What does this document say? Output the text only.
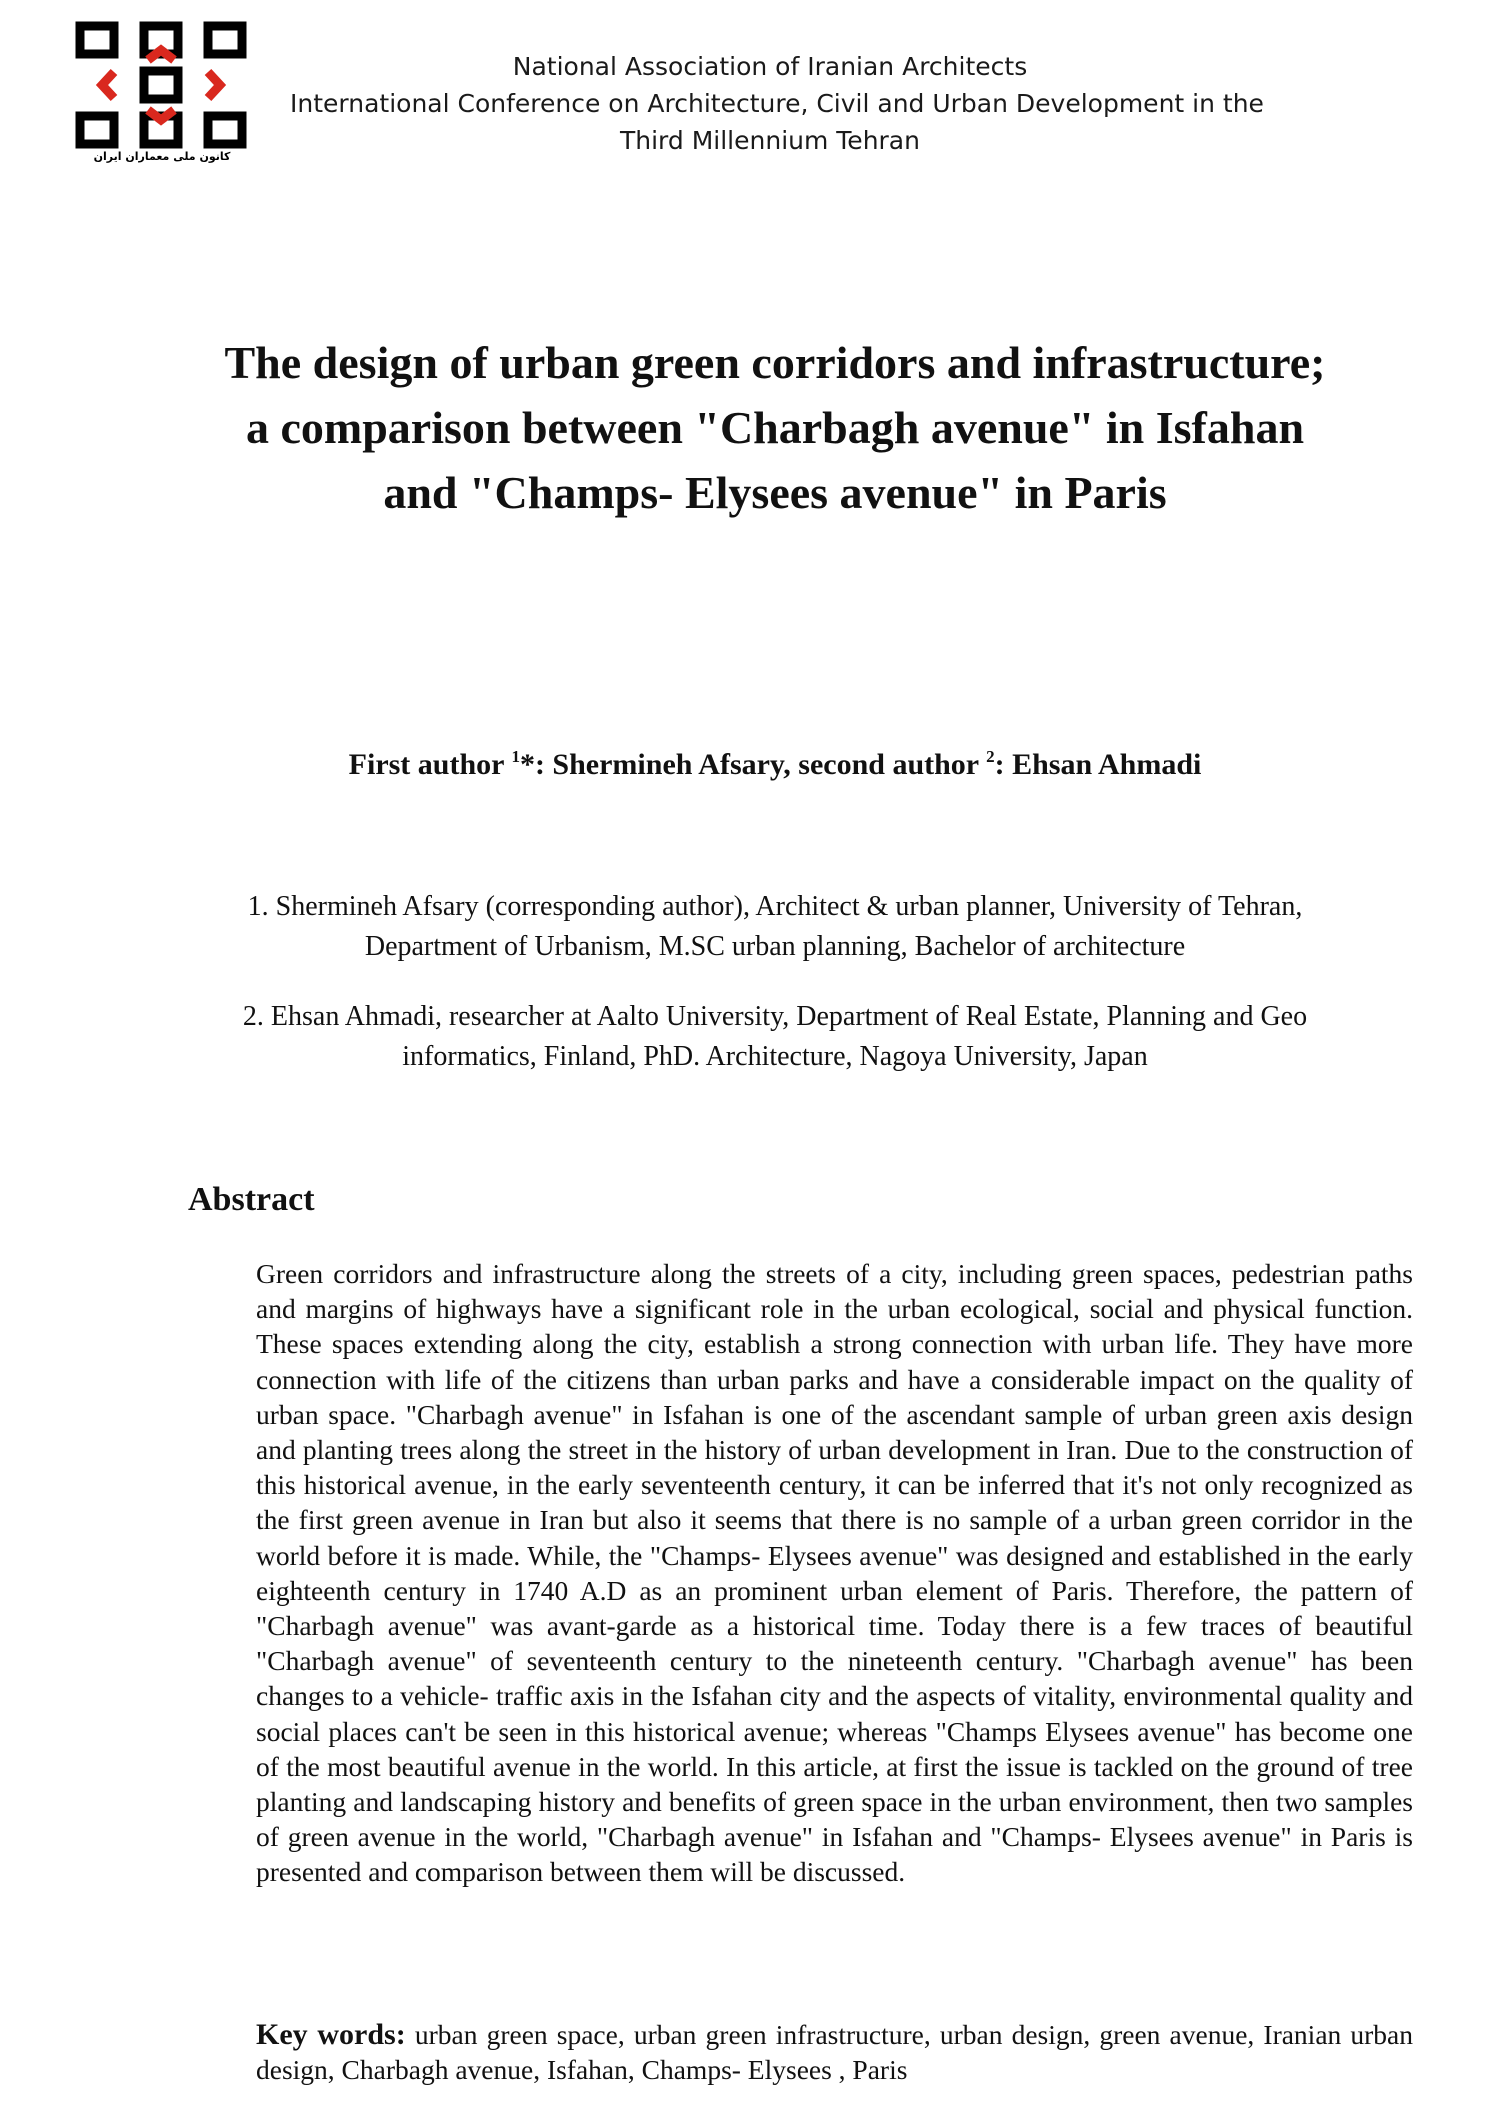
کانون ملی معماران ایران
National Association of Iranian Architects
International Conference on Architecture, Civil and Urban Development in the
Third Millennium Tehran
The design of urban green corridors and infrastructure;
a comparison between "Charbagh avenue" in Isfahan
and "Champs- Elysees avenue" in Paris
First author $^1$*: Shermineh Afsary, second author $^2$: Ehsan Ahmadi
1. Shermineh Afsary (corresponding author), Architect & urban planner, University of Tehran,
Department of Urbanism, M.SC urban planning, Bachelor of architecture
2. Ehsan Ahmadi, researcher at Aalto University, Department of Real Estate, Planning and Geo
informatics, Finland, PhD. Architecture, Nagoya University, Japan
Abstract
Green corridors and infrastructure along the streets of a city, including green spaces, pedestrian paths and margins of highways have a significant role in the urban ecological, social and physical function. These spaces extending along the city, establish a strong connection with urban life. They have more connection with life of the citizens than urban parks and have a considerable impact on the quality of urban space. "Charbagh avenue" in Isfahan is one of the ascendant sample of urban green axis design and planting trees along the street in the history of urban development in Iran. Due to the construction of this historical avenue, in the early seventeenth century, it can be inferred that it's not only recognized as the first green avenue in Iran but also it seems that there is no sample of a urban green corridor in the world before it is made. While, the "Champs- Elysees avenue" was designed and established in the early eighteenth century in 1740 A.D as an prominent urban element of Paris. Therefore, the pattern of "Charbagh avenue" was avant-garde as a historical time. Today there is a few traces of beautiful "Charbagh avenue" of seventeenth century to the nineteenth century. "Charbagh avenue" has been changes to a vehicle- traffic axis in the Isfahan city and the aspects of vitality, environmental quality and social places can't be seen in this historical avenue; whereas "Champs Elysees avenue" has become one of the most beautiful avenue in the world. In this article, at first the issue is tackled on the ground of tree planting and landscaping history and benefits of green space in the urban environment, then two samples of green avenue in the world, "Charbagh avenue" in Isfahan and "Champs- Elysees avenue" in Paris is presented and comparison between them will be discussed.
Key words: urban green space, urban green infrastructure, urban design, green avenue, Iranian urban design, Charbagh avenue, Isfahan, Champs- Elysees , Paris
